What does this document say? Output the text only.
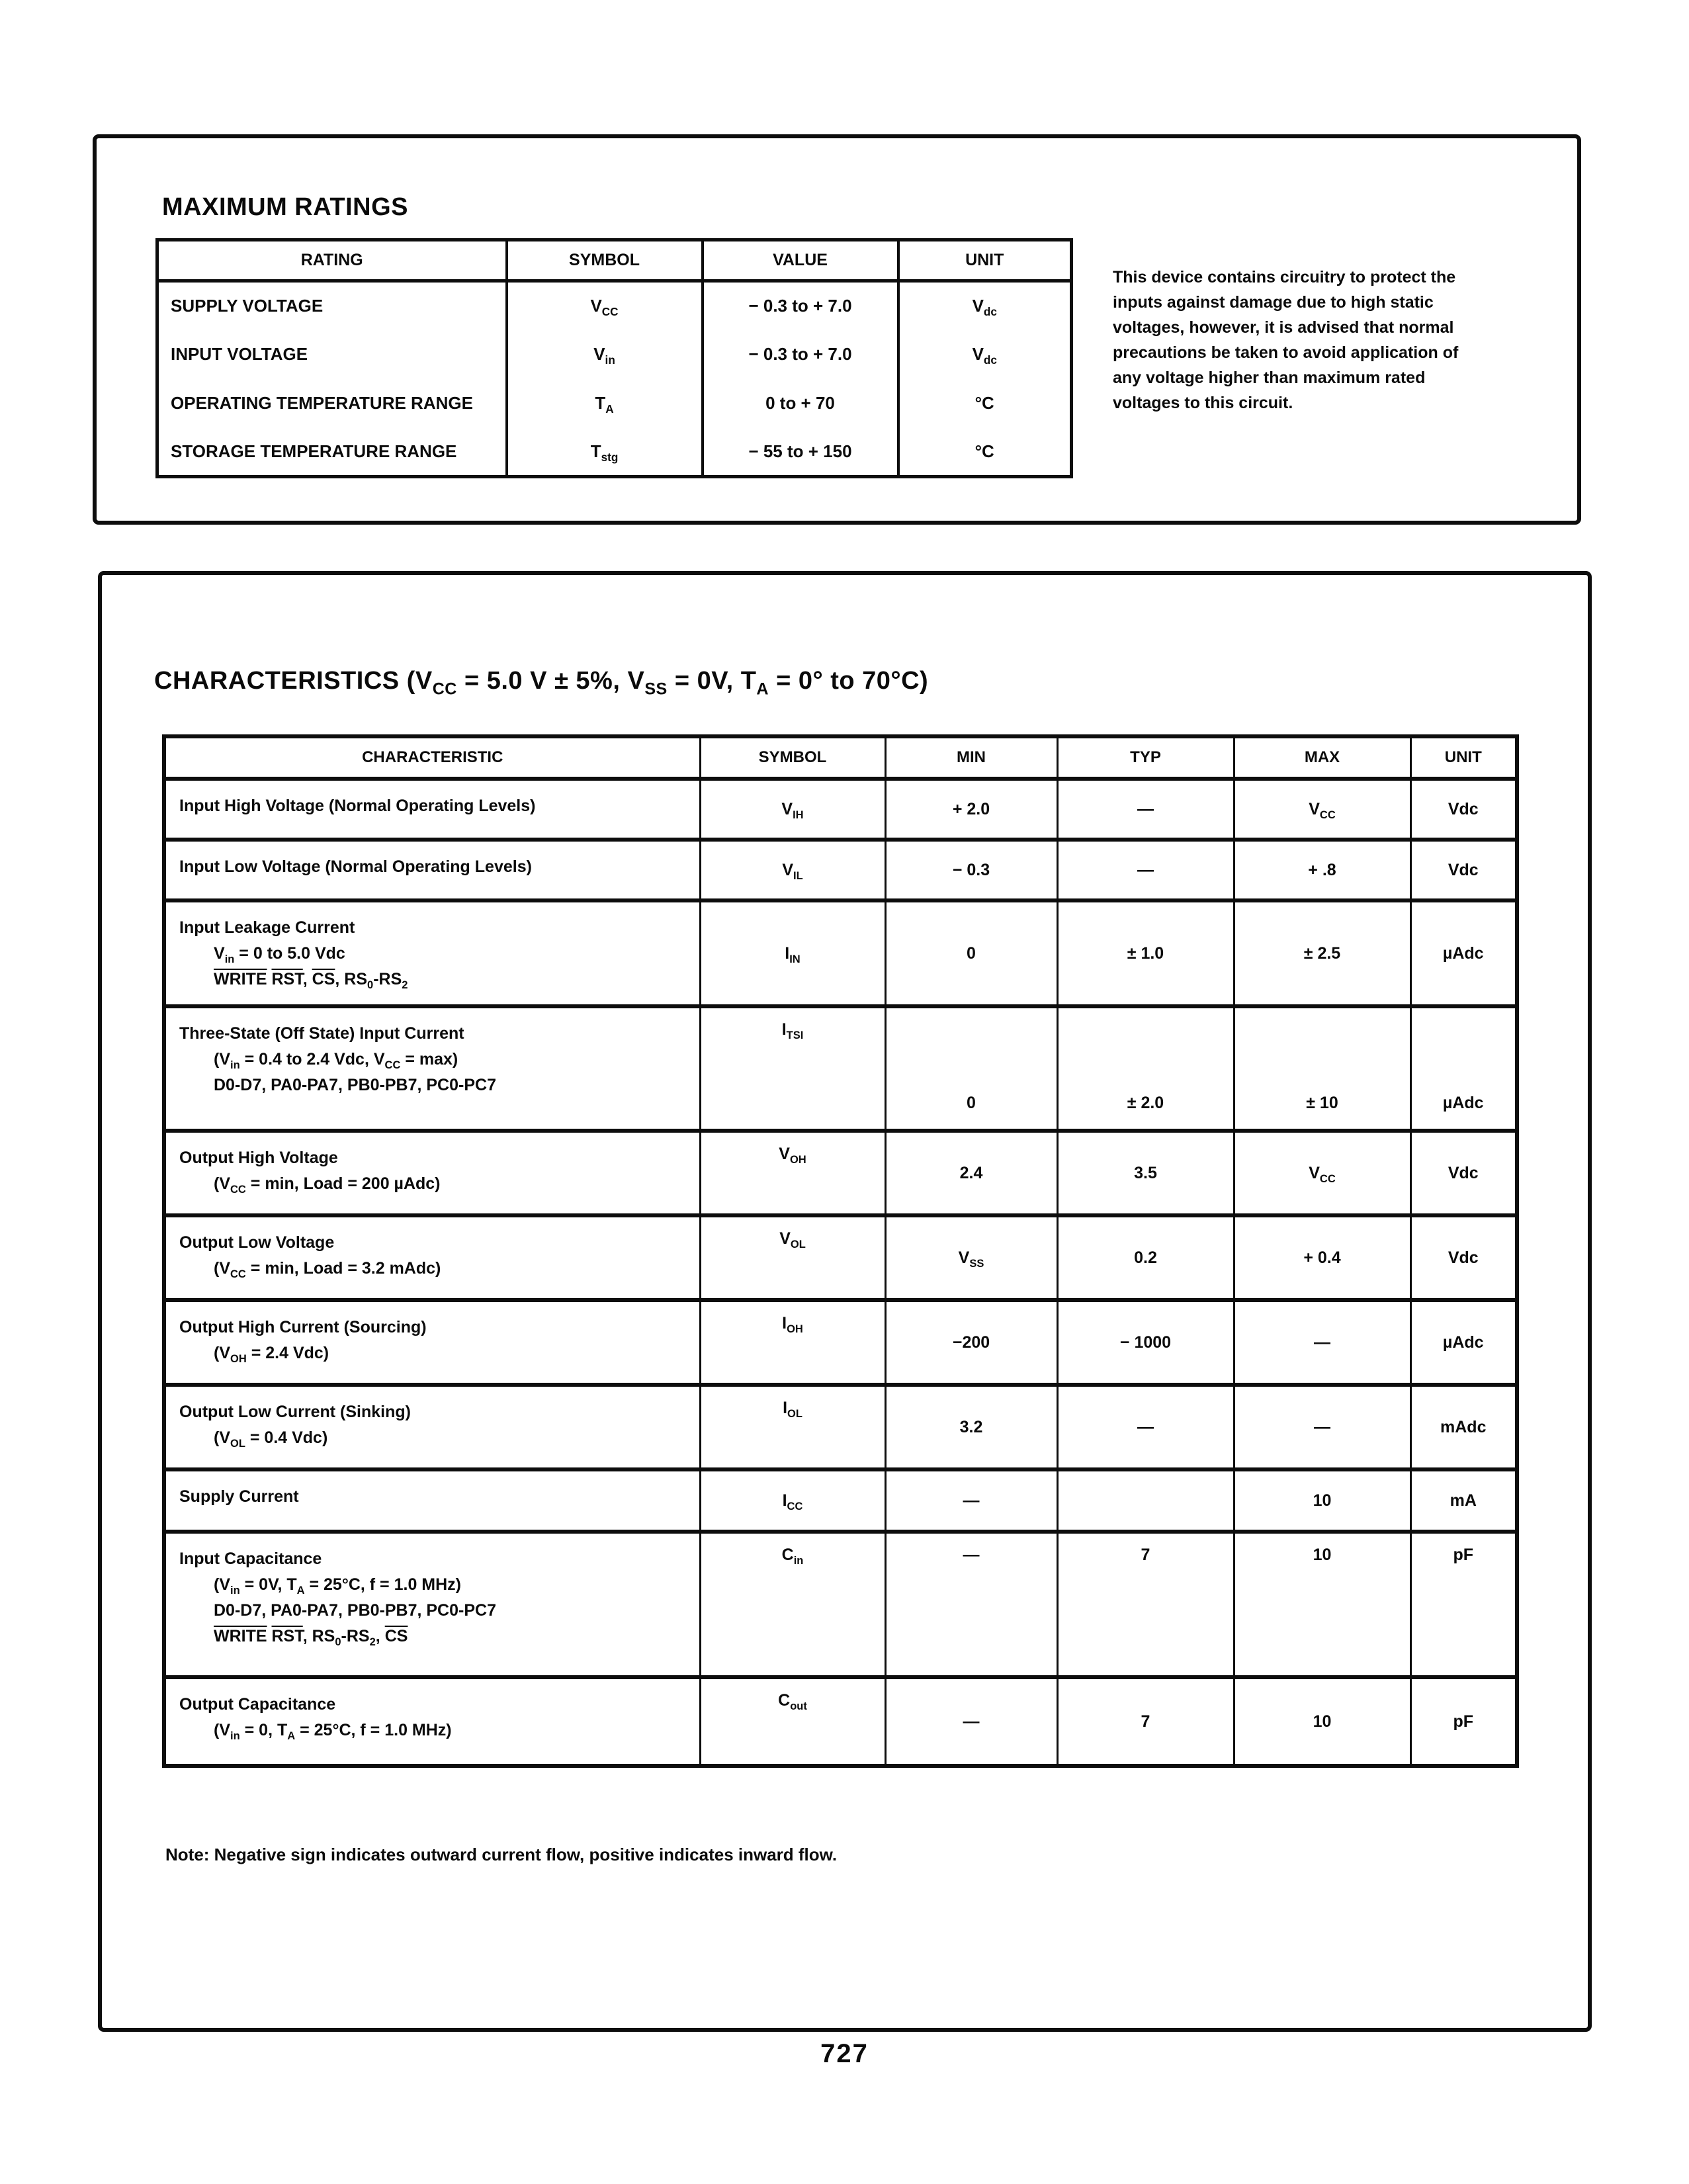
MAXIMUM RATINGS
RATING	SYMBOL	VALUE	UNIT
SUPPLY VOLTAGE	$V_{CC}$	− 0.3 to + 7.0	$V_{dc}$
INPUT VOLTAGE	$V_{in}$	− 0.3 to + 7.0	$V_{dc}$
OPERATING TEMPERATURE RANGE	$T_A$	0 to + 70	°C
STORAGE TEMPERATURE RANGE	$T_{stg}$	− 55 to + 150	°C
This device contains circuitry to protect the inputs against damage due to high static voltages, however, it is advised that normal precautions be taken to avoid application of any voltage higher than maximum rated voltages to this circuit.
CHARACTERISTICS ($V_{CC} = 5.0$ V ± 5%, $V_{SS} = 0V$, $T_A = 0^\circ$ to 70°C)
CHARACTERISTIC	SYMBOL	MIN	TYP	MAX	UNIT

Input High Voltage (Normal Operating Levels)	$V_{IH}$	+ 2.0	—	$V_{CC}$	Vdc

Input Low Voltage (Normal Operating Levels)	$V_{IL}$	− 0.3	—	+ .8	Vdc

Input Leakage Current
$V_{in} = 0$ to 5.0 Vdc
WRITE $\overline{RST}$, $\overline{CS}$, $RS_0-RS_2$	$I_{IN}$	0	± 1.0	± 2.5	µAdc

Three-State (Off State) Input Current
($V_{in} = 0.4$ to 2.4 Vdc, $V_{CC} = \max$)
D0-D7, PA0-PA7, PB0-PB7, PC0-PC7	$I_{TSI}$	0	± 2.0	± 10	µAdc

Output High Voltage
($V_{CC} = \min$, Load = 200 µAdc)	$V_{OH}$	2.4	3.5	$V_{CC}$	Vdc

Output Low Voltage
($V_{CC} = \min$, Load = 3.2 mAdc)	$V_{OL}$	$V_{SS}$	0.2	+ 0.4	Vdc

Output High Current (Sourcing)
($V_{OH} = 2.4$ Vdc)	$I_{OH}$	−200	− 1000	—	µAdc

Output Low Current (Sinking)
($V_{OL} = 0.4$ Vdc)	$I_{OL}$	3.2	—	—	mAdc

Supply Current	$I_{CC}$	—		10	mA

Input Capacitance
($V_{in} = 0V$, $T_A = 25^\circ C$, f = 1.0 MHz)
D0-D7, PA0-PA7, PB0-PB7, PC0-PC7
WRITE $\overline{RST}$, $RS_0-RS_2$, $\overline{CS}$	$C_{in}$	—	7	10	pF

Output Capacitance
($V_{in} = 0$, $T_A = 25^\circ C$, f = 1.0 MHz)	$C_{out}$	—	7	10	pF
Note: Negative sign indicates outward current flow, positive indicates inward flow.
727
